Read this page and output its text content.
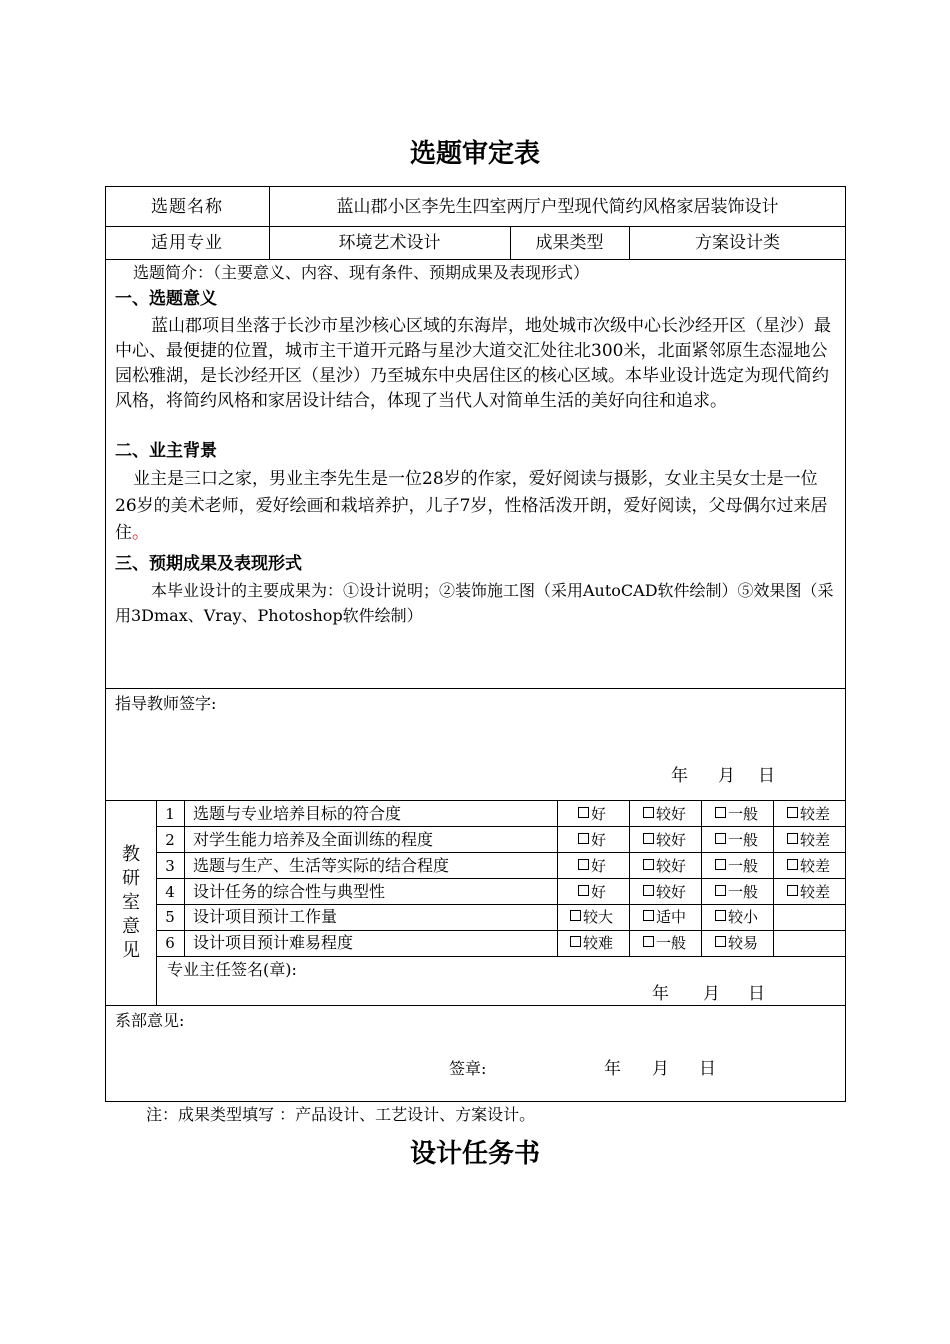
选题审定表
选题名称	蓝山郡小区李先生四室两厅户型现代简约风格家居装饰设计
适用专业	环境艺术设计	成果类型	方案设计类
选题简介：（主要意义、内容、现有条件、预期成果及表现形式）
一、选题意义
蓝山郡项目坐落于长沙市星沙核心区域的东海岸，地处城市次级中心长沙经开区（星沙）最中心、最便捷的位置，城市主干道开元路与星沙大道交汇处往北300米，北面紧邻原生态湿地公园松雅湖，是长沙经开区（星沙）乃至城东中央居住区的核心区域。本毕业设计选定为现代简约风格，将简约风格和家居设计结合，体现了当代人对简单生活的美好向往和追求。
二、业主背景
业主是三口之家，男业主李先生是一位28岁的作家，爱好阅读与摄影，女业主吴女士是一位26岁的美术老师，爱好绘画和栽培养护，儿子7岁，性格活泼开朗，爱好阅读，父母偶尔过来居住。
三、预期成果及表现形式
本毕业设计的主要成果为：①设计说明；②装饰施工图（采用AutoCAD软件绘制）⑤效果图（采用3Dmax、Vray、Photoshop软件绘制）
指导教师签字:
年 月 日
教
研
室
意
见
1	选题与专业培养目标的符合度	好	较好	一般	较差
2	对学生能力培养及全面训练的程度	好	较好	一般	较差
3	选题与生产、生活等实际的结合程度	好	较好	一般	较差
4	设计任务的综合性与典型性	好	较好	一般	较差
5	设计项目预计工作量	较大	适中	较小
6	设计项目预计难易程度	较难	一般	较易
专业主任签名(章):
年 月 日
系部意见:
签章:	年 月 日
注：成果类型填写 ：产品设计、工艺设计、方案设计。
设计任务书
